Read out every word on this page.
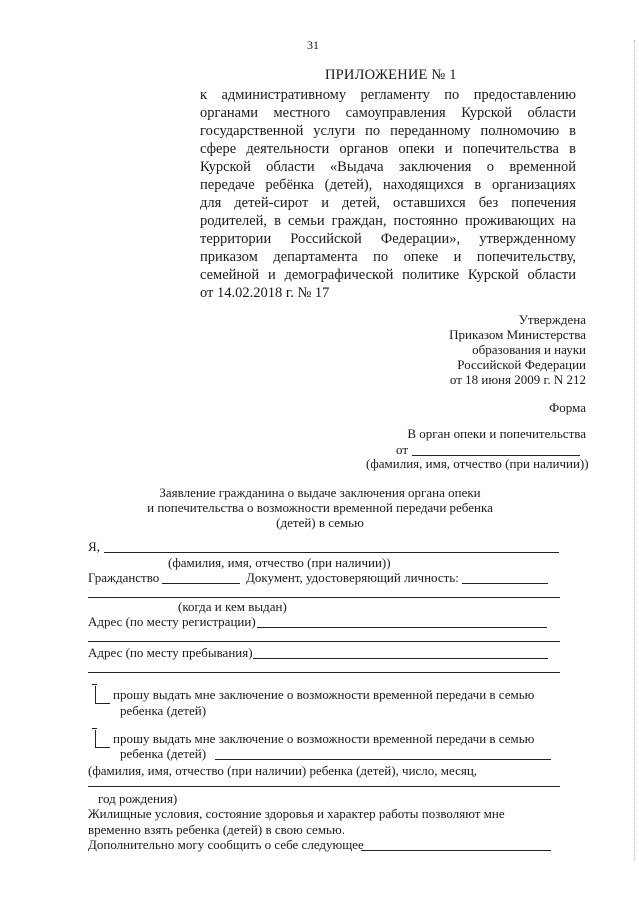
31
ПРИЛОЖЕНИЕ № 1
к административному регламенту по предоставлению
органами местного самоуправления Курской области
государственной услуги по переданному полномочию в
сфере деятельности органов опеки и попечительства в
Курской области «Выдача заключения о временной
передаче ребёнка (детей), находящихся в организациях
для детей-сирот и детей, оставшихся без попечения
родителей, в семьи граждан, постоянно проживающих на
территории Российской Федерации», утвержденному
приказом департамента по опеке и попечительству,
семейной и демографической политике Курской области
от 14.02.2018 г. № 17
Утверждена
Приказом Министерства
образования и науки
Российской Федерации
от 18 июня 2009 г. N 212
Форма
В орган опеки и попечительства
от
(фамилия, имя, отчество (при наличии))
Заявление гражданина о выдаче заключения органа опеки
и попечительства о возможности временной передачи ребенка
(детей) в семью
Я,
(фамилия, имя, отчество (при наличии))
Гражданство	Документ, удостоверяющий личность:
(когда и кем выдан)
Адрес (по месту регистрации)
Адрес (по месту пребывания)
прошу выдать мне заключение о возможности временной передачи в семью
ребенка (детей)
прошу выдать мне заключение о возможности временной передачи в семью
ребенка (детей)
(фамилия, имя, отчество (при наличии) ребенка (детей), число, месяц,
год рождения)
Жилищные условия, состояние здоровья и характер работы позволяют мне
временно взять ребенка (детей) в свою семью.
Дополнительно могу сообщить о себе следующее
